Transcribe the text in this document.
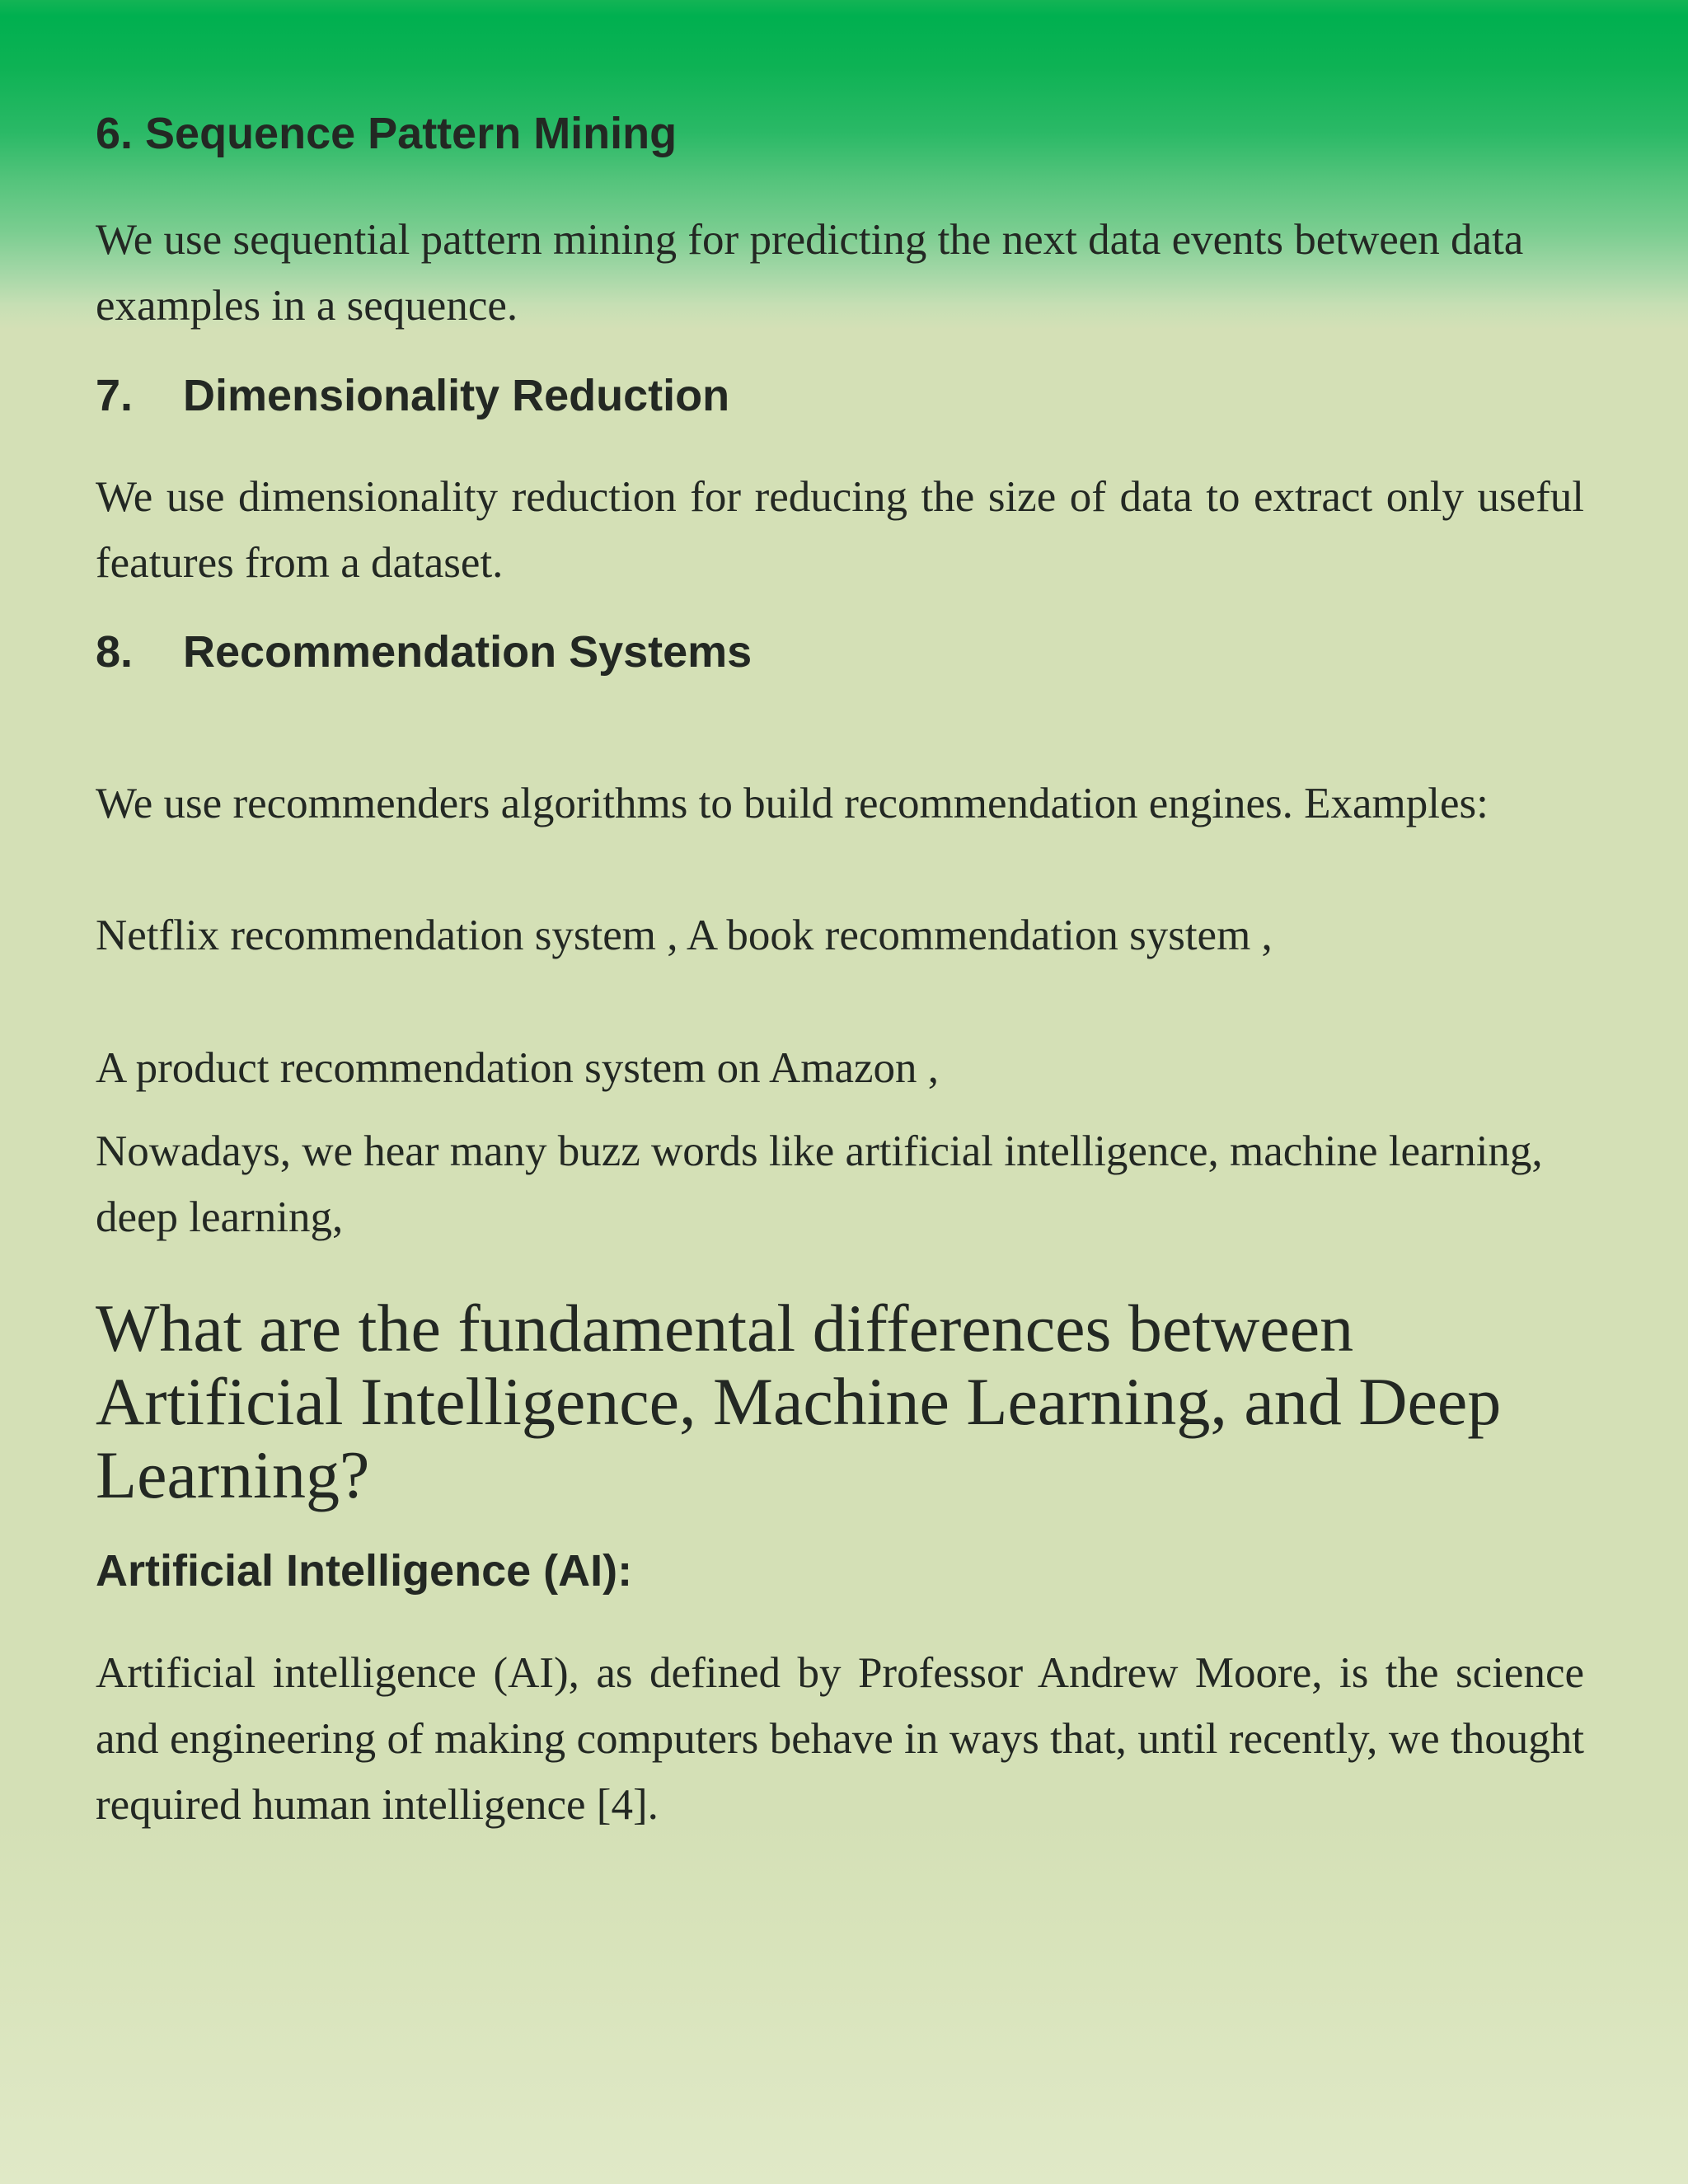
6. Sequence Pattern Mining

We use sequential pattern mining for predicting the next data events between data examples in a sequence.

7. Dimensionality Reduction

We use dimensionality reduction for reducing the size of data to extract only useful features from a dataset.

8. Recommendation Systems

We use recommenders algorithms to build recommendation engines. Examples:

Netflix recommendation system , A book recommendation system ,

A product recommendation system on Amazon ,

Nowadays, we hear many buzz words like artificial intelligence, machine learning, deep learning,

What are the fundamental differences between Artificial Intelligence, Machine Learning, and Deep Learning?
Artificial Intelligence (AI):

Artificial intelligence (AI), as defined by Professor Andrew Moore, is the science and engineering of making computers behave in ways that, until recently, we thought required human intelligence [4].
